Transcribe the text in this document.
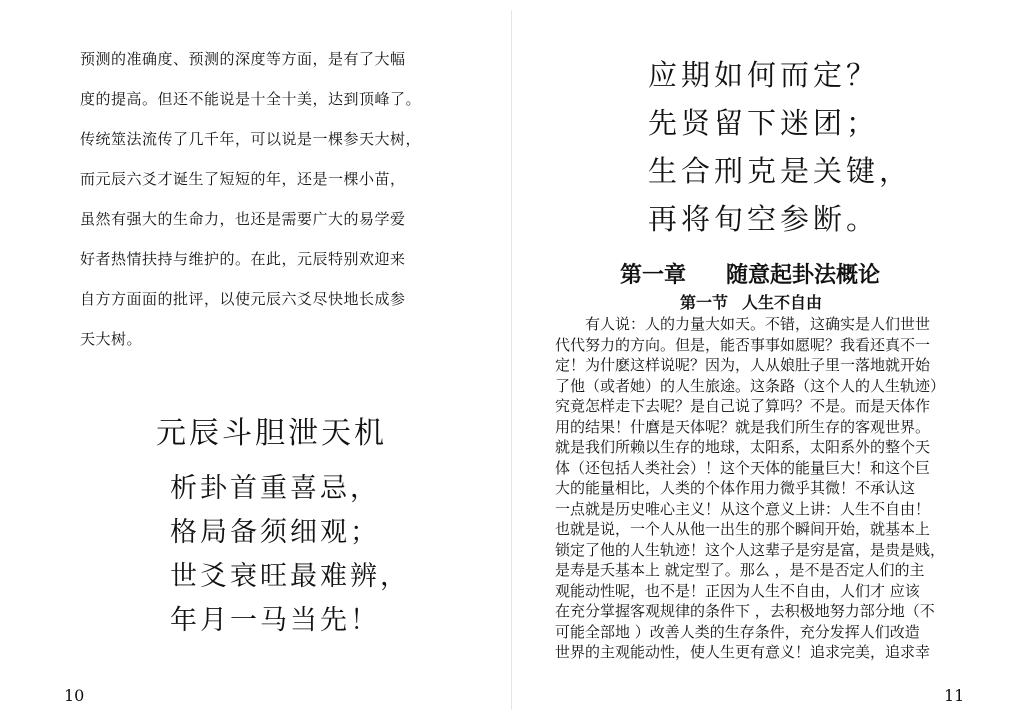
预测的准确度、预测的深度等方面，是有了大幅
度的提高。但还不能说是十全十美，达到顶峰了。
传统筮法流传了几千年，可以说是一棵参天大树，
而元辰六爻才诞生了短短的年，还是一棵小苗，
虽然有强大的生命力，也还是需要广大的易学爱
好者热情扶持与维护的。在此，元辰特别欢迎来
自方方面面的批评，以使元辰六爻尽快地长成参
天大树。
元辰斗胆泄天机
析卦首重喜忌，
格局备须细观；
世爻衰旺最难辨，
年月一马当先！
10
应期如何而定？
先贤留下迷团；
生合刑克是关键，
再将旬空参断。
第一章 随意起卦法概论
第一节 人生不自由
　　有人说：人的力量大如天。不错，这确实是人们世世
代代努力的方向。但是，能否事事如愿呢？我看还真不一
定！为什麽这样说呢？因为，人从娘肚子里一落地就开始
了他（或者她）的人生旅途。这条路（这个人的人生轨迹）
究竟怎样走下去呢？是自己说了算吗？不是。而是天体作
用的结果！什麿是天体呢？就是我们所生存的客观世界。
就是我们所赖以生存的地球，太阳系，太阳系外的整个天
体（还包括人类社会）！这个天体的能量巨大！和这个巨
大的能量相比，人类的个体作用力微乎其微！不承认这
一点就是历史唯心主义！从这个意义上讲：人生不自由！
也就是说，一个人从他一出生的那个瞬间开始，就基本上
锁定了他的人生轨迹！这个人这辈子是穷是富，是贵是贱，
是寿是夭基本上 就定型了。那么 ，是不是否定人们的主
观能动性呢，也不是！正因为人生不自由，人们才 应该
在充分掌握客观规律的条件下 ，去积极地努力部分地（不
可能全部地 ）改善人类的生存条件，充分发挥人们改造
世界的主观能动性，使人生更有意义！追求完美，追求幸
11
